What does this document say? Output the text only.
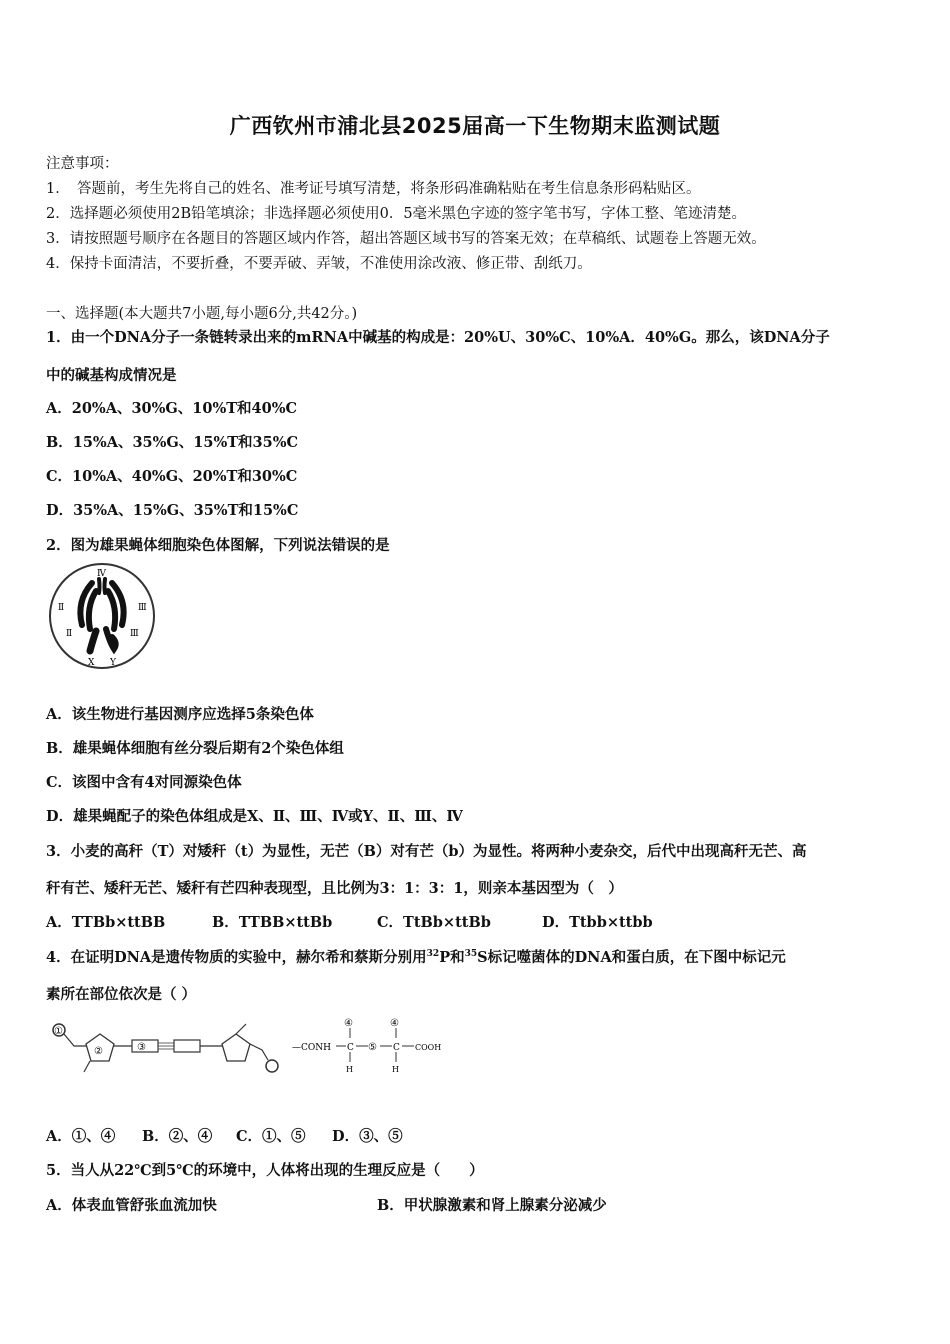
广西钦州市浦北县2025届高一下生物期末监测试题
注意事项：
1．　答题前，考生先将自己的姓名、准考证号填写清楚，将条形码准确粘贴在考生信息条形码粘贴区。
2．选择题必须使用2B铅笔填涂；非选择题必须使用0．5毫米黑色字迹的签字笔书写，字体工整、笔迹清楚。
3．请按照题号顺序在各题目的答题区域内作答，超出答题区域书写的答案无效；在草稿纸、试题卷上答题无效。
4．保持卡面清洁，不要折叠，不要弄破、弄皱，不准使用涂改液、修正带、刮纸刀。
一、选择题(本大题共7小题,每小题6分,共42分。)
1．由一个DNA分子一条链转录出来的mRNA中碱基的构成是：20%U、30%C、10%A．40%G。那么，该DNA分子
中的碱基构成情况是
A．20%A、30%G、10%T和40%C
B．15%A、35%G、15%T和35%C
C．10%A、40%G、20%T和30%C
D．35%A、15%G、35%T和15%C
2．图为雄果蝇体细胞染色体图解，下列说法错误的是
Ⅳ
Ⅱ
Ⅱ
Ⅲ
Ⅲ
X Y
A．该生物进行基因测序应选择5条染色体
B．雄果蝇体细胞有丝分裂后期有2个染色体组
C．该图中含有4对同源染色体
D．雄果蝇配子的染色体组成是X、Ⅱ、Ⅲ、Ⅳ或Y、Ⅱ、Ⅲ、Ⅳ
3．小麦的高秆（T）对矮秆（t）为显性，无芒（B）对有芒（b）为显性。将两种小麦杂交，后代中出现高秆无芒、高
秆有芒、矮秆无芒、矮秆有芒四种表现型，且比例为3：1：3：1，则亲本基因型为（　）
A．TTBb×ttBB	B．TTBB×ttBb	C．TtBb×ttBb	D．Ttbb×ttbb
4．在证明DNA是遗传物质的实验中，赫尔希和蔡斯分别用$^{32}$P和$^{35}$S标记噬菌体的DNA和蛋白质，在下图中标记元
素所在部位依次是（ ）
①
②	③	—CONH C
④
H
⑤ C
④
H
COOH
A．①、④ B．②、④ C．①、⑤ D．③、⑤
5．当人从22℃到5℃的环境中，人体将出现的生理反应是（　　）
A．体表血管舒张血流加快	B．甲状腺激素和肾上腺素分泌减少
